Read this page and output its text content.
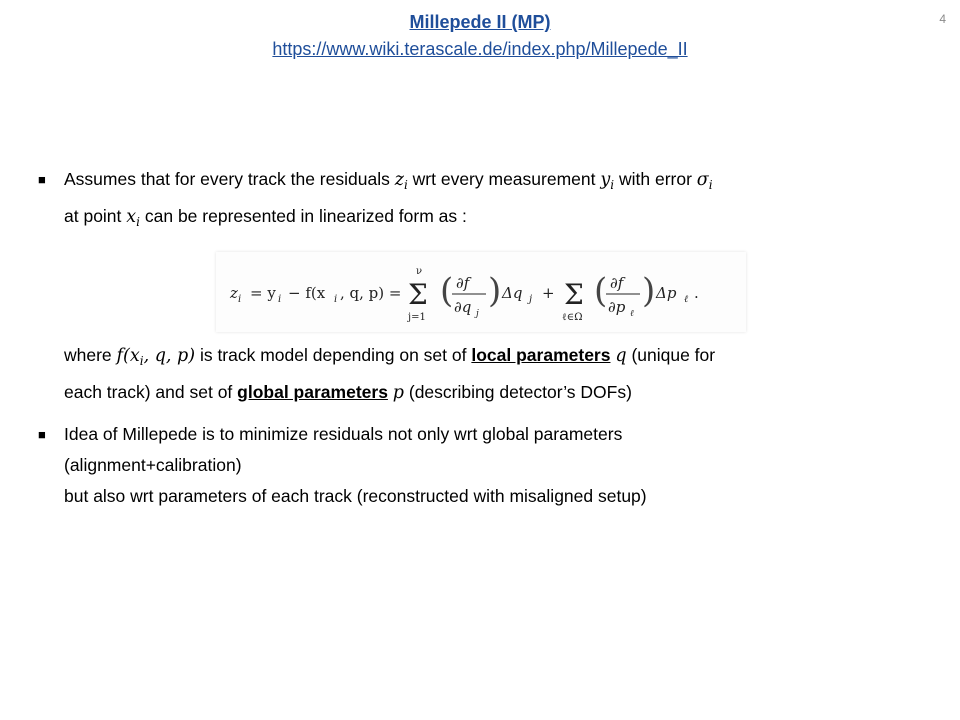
4
Millepede II (MP)
https://www.wiki.terascale.de/index.php/Millepede_II
■ Assumes that for every track the residuals $z_i$ wrt every measurement $y_i$ with error $\sigma_i$
at point $x_i$ can be represented in linearized form as :
z i = y i − f(x i , q, p) =
ν
Σ
j=1
( ∂f
∂q j
) Δq j + Σ
ℓ∈Ω
( ∂f
∂p ℓ
) Δp ℓ .
where $f(x_i$, q, p) is track model depending on set of local parameters q (unique for
each track) and set of global parameters p (describing detector’s DOFs)
■ Idea of Millepede is to minimize residuals not only wrt global parameters
(alignment+calibration)
but also wrt parameters of each track (reconstructed with misaligned setup)
